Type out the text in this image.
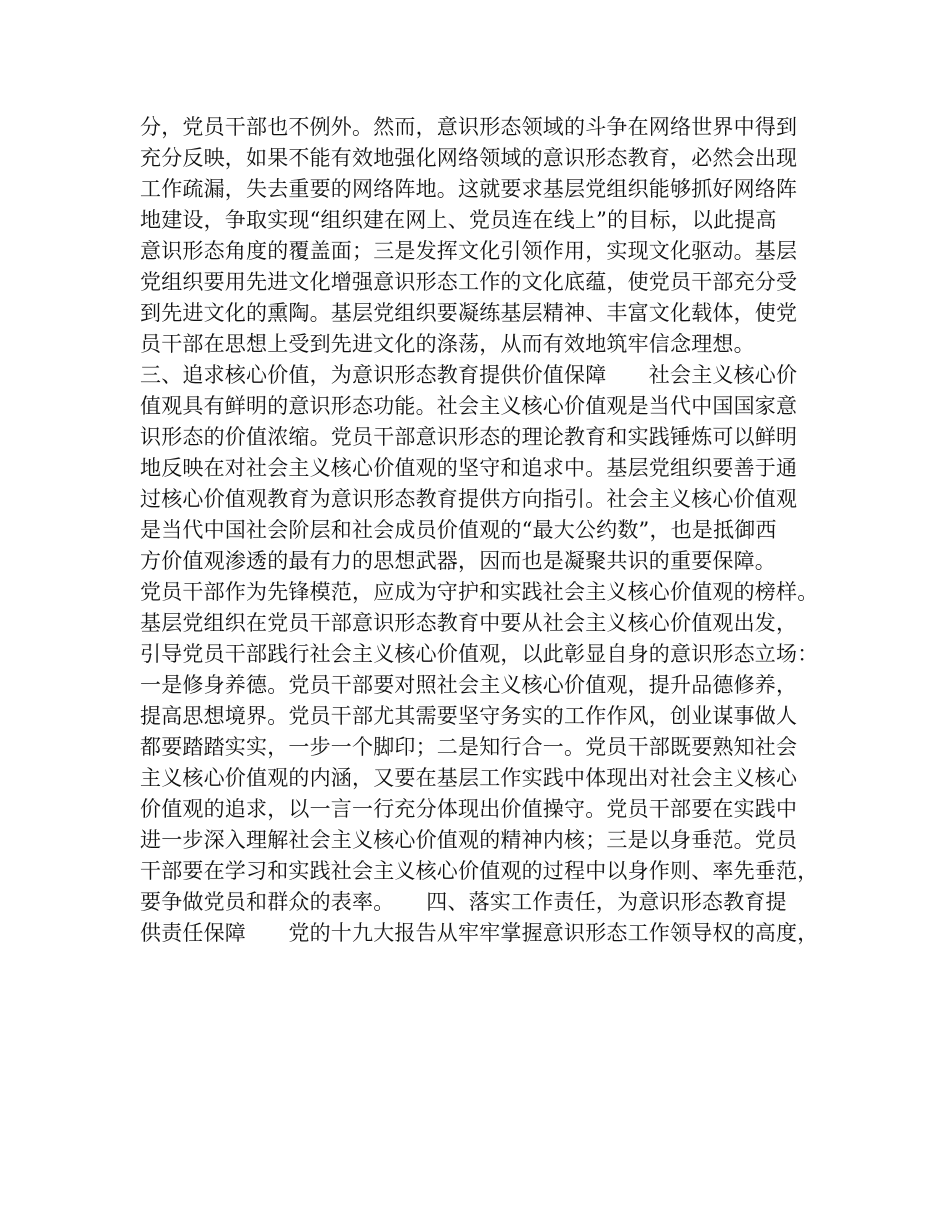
分，党员干部也不例外。然而，意识形态领域的斗争在网络世界中得到
充分反映，如果不能有效地强化网络领域的意识形态教育，必然会出现
工作疏漏，失去重要的网络阵地。这就要求基层党组织能够抓好网络阵
地建设，争取实现“组织建在网上、党员连在线上”的目标，以此提高
意识形态角度的覆盖面；三是发挥文化引领作用，实现文化驱动。基层
党组织要用先进文化增强意识形态工作的文化底蕴，使党员干部充分受
到先进文化的熏陶。基层党组织要凝练基层精神、丰富文化载体，使党
员干部在思想上受到先进文化的涤荡，从而有效地筑牢信念理想。
三、追求核心价值，为意识形态教育提供价值保障　　社会主义核心价
值观具有鲜明的意识形态功能。社会主义核心价值观是当代中国国家意
识形态的价值浓缩。党员干部意识形态的理论教育和实践锤炼可以鲜明
地反映在对社会主义核心价值观的坚守和追求中。基层党组织要善于通
过核心价值观教育为意识形态教育提供方向指引。社会主义核心价值观
是当代中国社会阶层和社会成员价值观的“最大公约数”，也是抵御西
方价值观渗透的最有力的思想武器，因而也是凝聚共识的重要保障。
党员干部作为先锋模范，应成为守护和实践社会主义核心价值观的榜样。
基层党组织在党员干部意识形态教育中要从社会主义核心价值观出发，
引导党员干部践行社会主义核心价值观，以此彰显自身的意识形态立场：
一是修身养德。党员干部要对照社会主义核心价值观，提升品德修养，
提高思想境界。党员干部尤其需要坚守务实的工作作风，创业谋事做人
都要踏踏实实，一步一个脚印；二是知行合一。党员干部既要熟知社会
主义核心价值观的内涵，又要在基层工作实践中体现出对社会主义核心
价值观的追求，以一言一行充分体现出价值操守。党员干部要在实践中
进一步深入理解社会主义核心价值观的精神内核；三是以身垂范。党员
干部要在学习和实践社会主义核心价值观的过程中以身作则、率先垂范，
要争做党员和群众的表率。　　四、落实工作责任，为意识形态教育提
供责任保障　　党的十九大报告从牢牢掌握意识形态工作领导权的高度，
